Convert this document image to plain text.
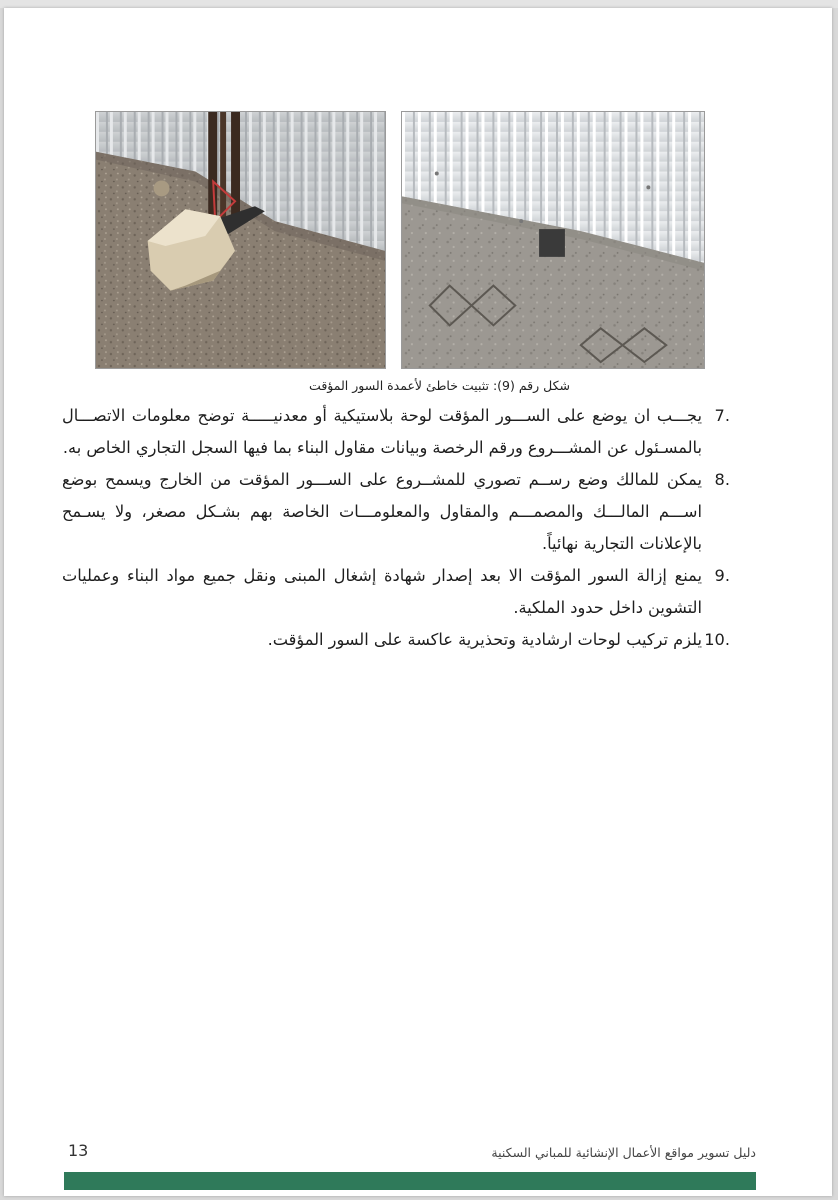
شكل رقم (9): تثبيت خاطئ لأعمدة السور المؤقت
7.
يجـــب ان يوضع على الســـور المؤقت لوحة بلاستيكية أو معدنيـــــة توضح معلومات الاتصـــال بالمسـئول عن المشـــروع ورقم الرخصة وبيانات مقاول البناء بما فيها السجل التجاري الخاص به.
8.
يمكن للمالك وضع رســم تصوري للمشــروع على الســـور المؤقت من الخارج ويسمح بوضع اســـم المالـــك والمصمـــم والمقاول والمعلومـــات الخاصة بهم بشـكل مصغر، ولا يسـمح بالإعلانات التجارية نهائياً.
9.
يمنع إزالة السور المؤقت الا بعد إصدار شهادة إشغال المبنى ونقل جميع مواد البناء وعمليات التشوين داخل حدود الملكية.
10.
يلزم تركيب لوحات ارشادية وتحذيرية عاكسة على السور المؤقت.
13	دليل تسوير مواقع الأعمال الإنشائية للمباني السكنية
